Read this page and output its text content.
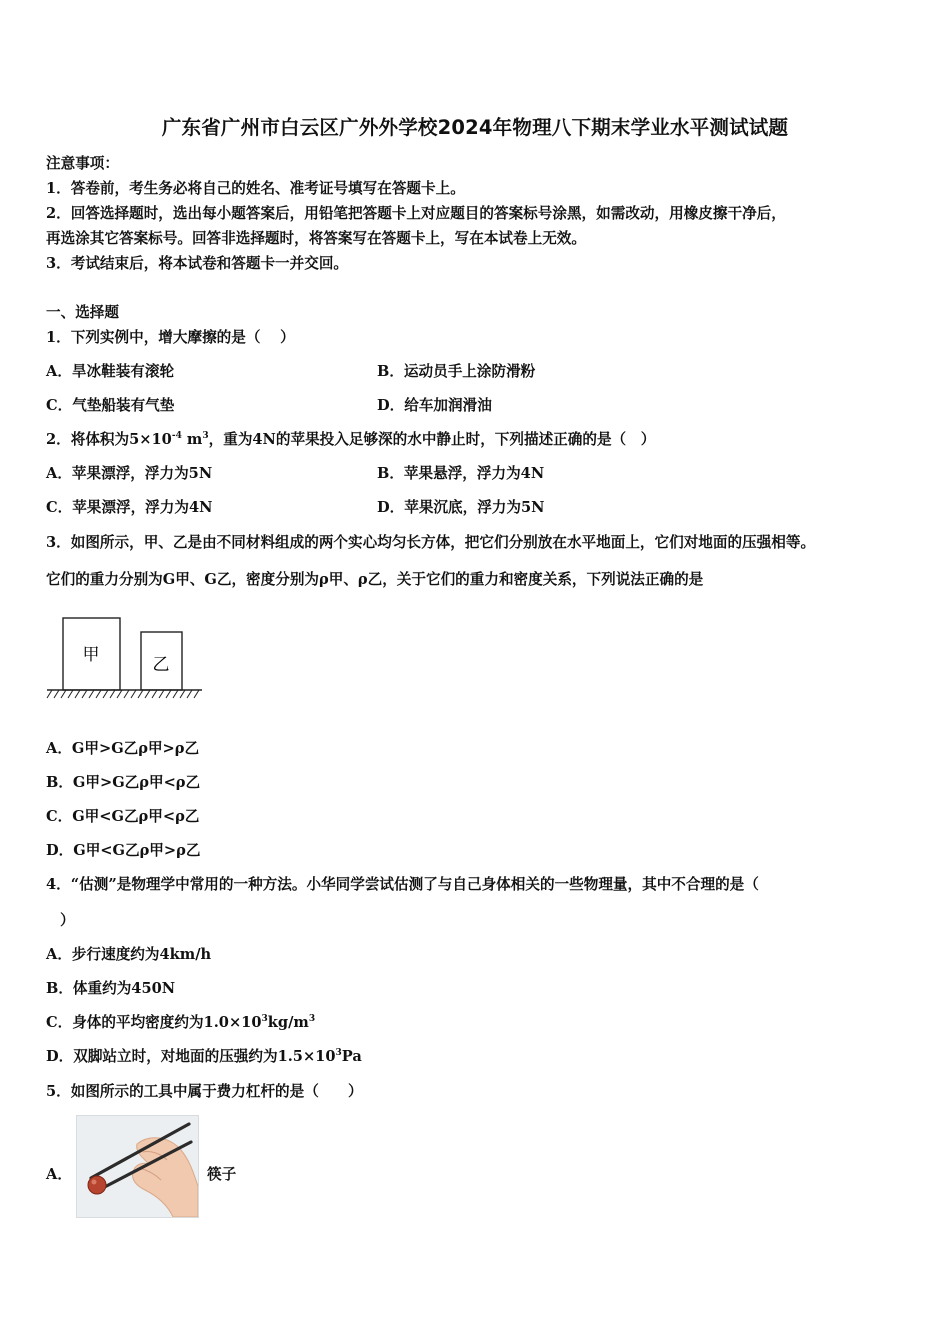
广东省广州市白云区广外外学校2024年物理八下期末学业水平测试试题
注意事项：
1．答卷前，考生务必将自己的姓名、准考证号填写在答题卡上。
2．回答选择题时，选出每小题答案后，用铅笔把答题卡上对应题目的答案标号涂黑，如需改动，用橡皮擦干净后，
再选涂其它答案标号。回答非选择题时，将答案写在答题卡上，写在本试卷上无效。
3．考试结束后，将本试卷和答题卡一并交回。
一、选择题
1．下列实例中，增大摩擦的是（　 ）
A．旱冰鞋装有滚轮	B．运动员手上涂防滑粉
C．气垫船装有气垫	D．给车加润滑油
2．将体积为$5\times 10^{-4}$ $m^3$，重为4N的苹果投入足够深的水中静止时，下列描述正确的是（　）
A．苹果漂浮，浮力为5N	B．苹果悬浮，浮力为4N
C．苹果漂浮，浮力为4N	D．苹果沉底，浮力为5N
3．如图所示，甲、乙是由不同材料组成的两个实心均匀长方体，把它们分别放在水平地面上，它们对地面的压强相等。
它们的重力分别为G甲、G乙，密度分别为ρ甲、ρ乙，关于它们的重力和密度关系，下列说法正确的是
甲	乙
A．G甲>G乙ρ甲>ρ乙
B．G甲>G乙ρ甲<ρ乙
C．G甲<G乙ρ甲<ρ乙
D．G甲<G乙ρ甲>ρ乙
4．“估测”是物理学中常用的一种方法。小华同学尝试估测了与自己身体相关的一些物理量，其中不合理的是（
）
A．步行速度约为4km/h
B．体重约为450N
C．身体的平均密度约为$1.0\times 10^3kg/m^3$
D．双脚站立时，对地面的压强约为$1.5\times 10^3Pa$
5．如图所示的工具中属于费力杠杆的是（　　）
A．	筷子
